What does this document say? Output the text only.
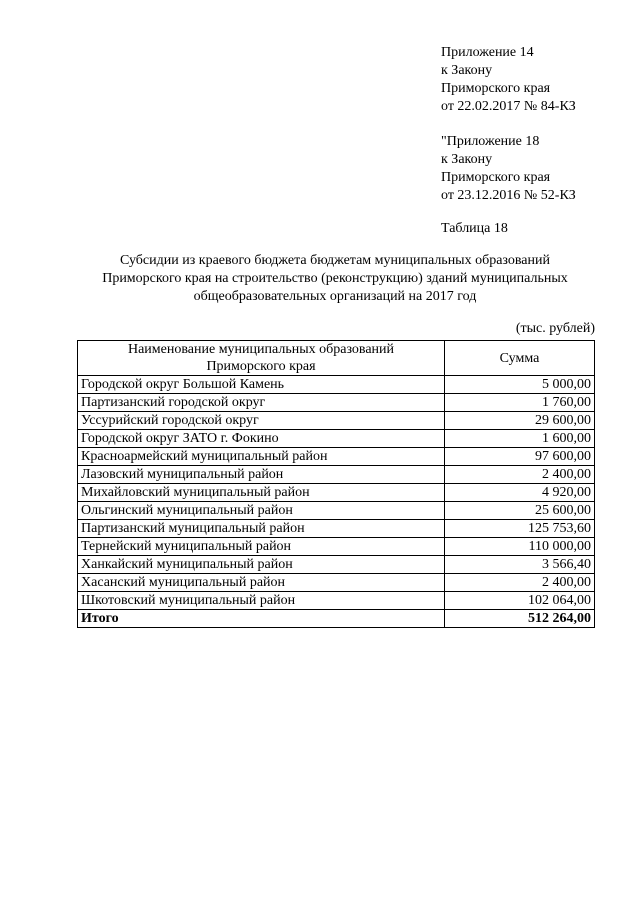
Приложение 14
к Закону
Приморского края
от 22.02.2017 № 84-КЗ
"Приложение 18
к Закону
Приморского края
от 23.12.2016 № 52-КЗ
Таблица 18
Субсидии из краевого бюджета бюджетам муниципальных образований
Приморского края на строительство (реконструкцию) зданий муниципальных
общеобразовательных организаций на 2017 год
(тыс. рублей)
Наименование муниципальных образований
Приморского края	Сумма
Городской округ Большой Камень	5 000,00
Партизанский городской округ	1 760,00
Уссурийский городской округ	29 600,00
Городской округ ЗАТО г. Фокино	1 600,00
Красноармейский муниципальный район	97 600,00
Лазовский муниципальный район	2 400,00
Михайловский муниципальный район	4 920,00
Ольгинский муниципальный район	25 600,00
Партизанский муниципальный район	125 753,60
Тернейский муниципальный район	110 000,00
Ханкайский муниципальный район	3 566,40
Хасанский муниципальный район	2 400,00
Шкотовский муниципальный район	102 064,00
Итого	512 264,00
